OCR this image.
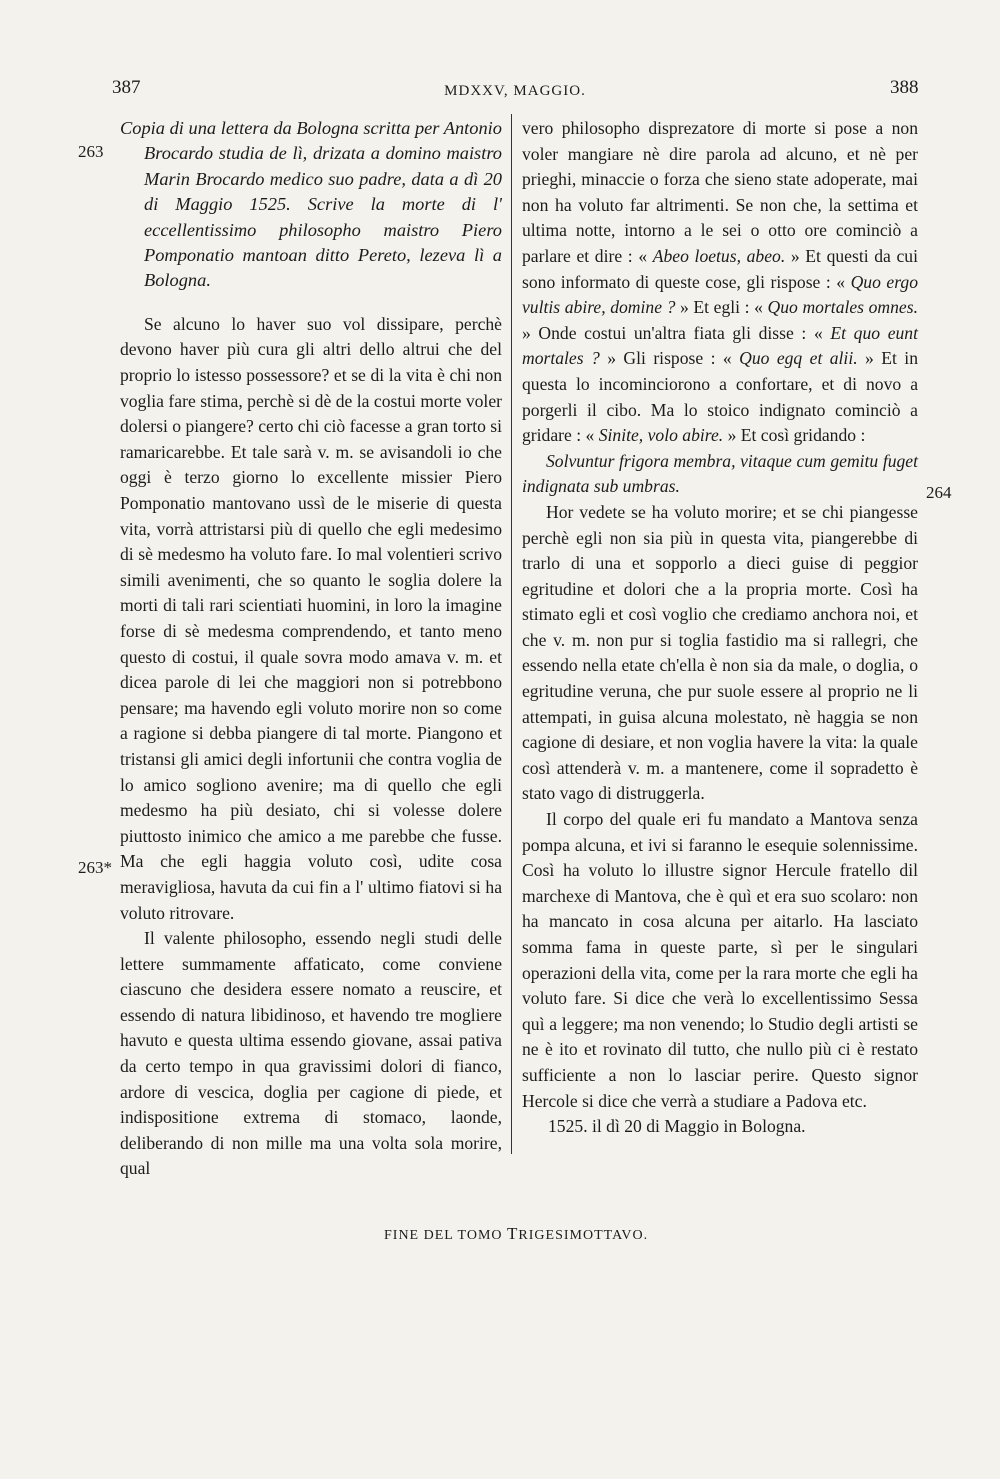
387	MDXXV, MAGGIO.	388
263
263*
264
Copia di una lettera da Bologna scritta per Antonio Brocardo studia de lì, drizata a domino maistro Marin Brocardo medico suo padre, data a dì 20 di Maggio 1525. Scrive la morte di l' eccellentissimo philosopho maistro Piero Pomponatio mantoan ditto Pereto, lezeva lì a Bologna.

Se alcuno lo haver suo vol dissipare, perchè devono haver più cura gli altri dello altrui che del proprio lo istesso possessore? et se di la vita è chi non voglia fare stima, perchè si dè de la costui morte voler dolersi o piangere? certo chi ciò facesse a gran torto si ramaricarebbe. Et tale sarà v. m. se avisandoli io che oggi è terzo giorno lo excellente missier Piero Pomponatio mantovano ussì de le miserie di questa vita, vorrà attristarsi più di quello che egli medesimo di sè medesmo ha voluto fare. Io mal volentieri scrivo simili avenimenti, che so quanto le soglia dolere la morti di tali rari scientiati huomini, in loro la imagine forse di sè medesma comprendendo, et tanto meno questo di costui, il quale sovra modo amava v. m. et dicea parole di lei che maggiori non si potrebbono pensare; ma havendo egli voluto morire non so come a ragione si debba piangere di tal morte. Piangono et tristansi gli amici degli infortunii che contra voglia de lo amico sogliono avenire; ma di quello che egli medesmo ha più desiato, chi si volesse dolere piuttosto inimico che amico a me parebbe che fusse. Ma che egli haggia voluto così, udite cosa meravigliosa, havuta da cui fin a l' ultimo fiatovi si ha voluto ritrovare.

Il valente philosopho, essendo negli studi delle lettere summamente affaticato, come conviene ciascuno che desidera essere nomato a reuscire, et essendo di natura libidinoso, et havendo tre mogliere havuto e questa ultima essendo giovane, assai pativa da certo tempo in qua gravissimi dolori di fianco, ardore di vescica, doglia per cagione di piede, et indispositione extrema di stomaco, laonde, deliberando di non mille ma una volta sola morire, qual

vero philosopho disprezatore di morte si pose a non voler mangiare nè dire parola ad alcuno, et nè per prieghi, minaccie o forza che sieno state adoperate, mai non ha voluto far altrimenti. Se non che, la settima et ultima notte, intorno a le sei o otto ore cominciò a parlare et dire : « Abeo loetus, abeo. » Et questi da cui sono informato di queste cose, gli rispose : « Quo ergo vultis abire, domine ? » Et egli : « Quo mortales omnes. » Onde costui un'altra fiata gli disse : « Et quo eunt mortales ? » Gli rispose : « Quo egq et alii. » Et in questa lo incominciorono a confortare, et di novo a porgerli il cibo. Ma lo stoico indignato cominciò a gridare : « Sinite, volo abire. » Et così gridando :

Solvuntur frigora membra, vitaque cum gemitu fuget indignata sub umbras.

Hor vedete se ha voluto morire; et se chi piangesse perchè egli non sia più in questa vita, piangerebbe di trarlo di una et sopporlo a dieci guise di peggior egritudine et dolori che a la propria morte. Così ha stimato egli et così voglio che crediamo anchora noi, et che v. m. non pur si toglia fastidio ma si rallegri, che essendo nella etate ch'ella è non sia da male, o doglia, o egritudine veruna, che pur suole essere al proprio ne li attempati, in guisa alcuna molestato, nè haggia se non cagione di desiare, et non voglia havere la vita: la quale così attenderà v. m. a mantenere, come il sopradetto è stato vago di distruggerla.

Il corpo del quale eri fu mandato a Mantova senza pompa alcuna, et ivi si faranno le esequie solennissime. Così ha voluto lo illustre signor Hercule fratello dil marchexe di Mantova, che è quì et era suo scolaro: non ha mancato in cosa alcuna per aitarlo. Ha lasciato somma fama in queste parte, sì per le singulari operazioni della vita, come per la rara morte che egli ha voluto fare. Si dice che verà lo excellentissimo Sessa quì a leggere; ma non venendo; lo Studio degli artisti se ne è ito et rovinato dil tutto, che nullo più ci è restato sufficiente a non lo lasciar perire. Questo signor Hercole si dice che verrà a studiare a Padova etc.

1525. il dì 20 di Maggio in Bologna.

FINE DEL TOMO TRIGESIMOTTAVO.
